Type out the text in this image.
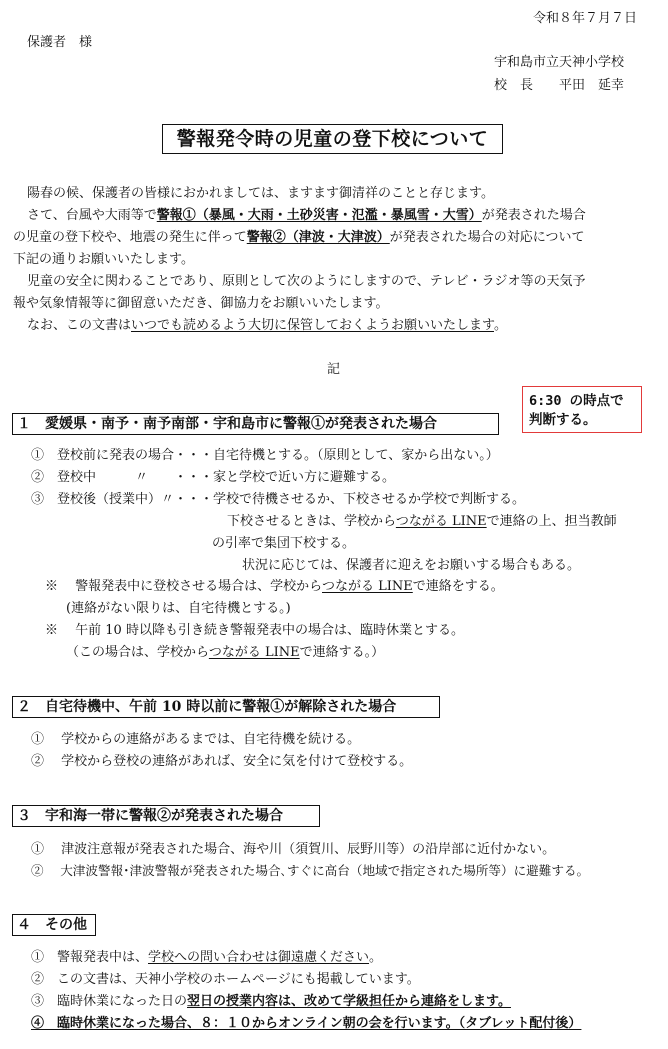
令和８年７月７日
保護者　様
宇和島市立天神小学校
校　長　　平田　延幸
警報発令時の児童の登下校について
陽春の候、保護者の皆様におかれましては、ますます御清祥のことと存じます。
さて、台風や大雨等で警報①（暴風・大雨・土砂災害・氾濫・暴風雪・大雪）が発表された場合
の児童の登下校や、地震の発生に伴って警報②（津波・大津波）が発表された場合の対応について
下記の通りお願いいたします。
児童の安全に関わることであり、原則として次のようにしますので、テレビ・ラジオ等の天気予
報や気象情報等に御留意いただき、御協力をお願いいたします。
なお、この文書はいつでも読めるよう大切に保管しておくようお願いいたします。
記
6:30 の時点で
判断する。
１　愛媛県・南予・南予南部・宇和島市に警報①が発表された場合
①　登校前に発表の場合・・・自宅待機とする。（原則として、家から出ない。）
②　登校中　　　〃　　・・・家と学校で近い方に避難する。
③　登校後（授業中）〃・・・学校で待機させるか、下校させるか学校で判断する。
下校させるときは、学校からつながる LINEで連絡の上、担当教師
の引率で集団下校する。
状況に応じては、保護者に迎えをお願いする場合もある。
※　 警報発表中に登校させる場合は、学校からつながる LINEで連絡をする。
(連絡がない限りは、自宅待機とする。)
※　 午前 10 時以降も引き続き警報発表中の場合は、臨時休業とする。
（この場合は、学校からつながる LINEで連絡する。）
２　自宅待機中、午前 10 時以前に警報①が解除された場合
①　 学校からの連絡があるまでは、自宅待機を続ける。
②　 学校から登校の連絡があれば、安全に気を付けて登校する。
３　宇和海一帯に警報②が発表された場合
①　 津波注意報が発表された場合、海や川（須賀川、辰野川等）の沿岸部に近付かない。
②　 大津波警報･津波警報が発表された場合､すぐに高台（地域で指定された場所等）に避難する。
４　その他
①　警報発表中は、学校への問い合わせは御遠慮ください。
②　この文書は、天神小学校のホームページにも掲載しています。
③　臨時休業になった日の翌日の授業内容は、改めて学級担任から連絡をします。
④　臨時休業になった場合、８：１０からオンライン朝の会を行います。（タブレット配付後）
